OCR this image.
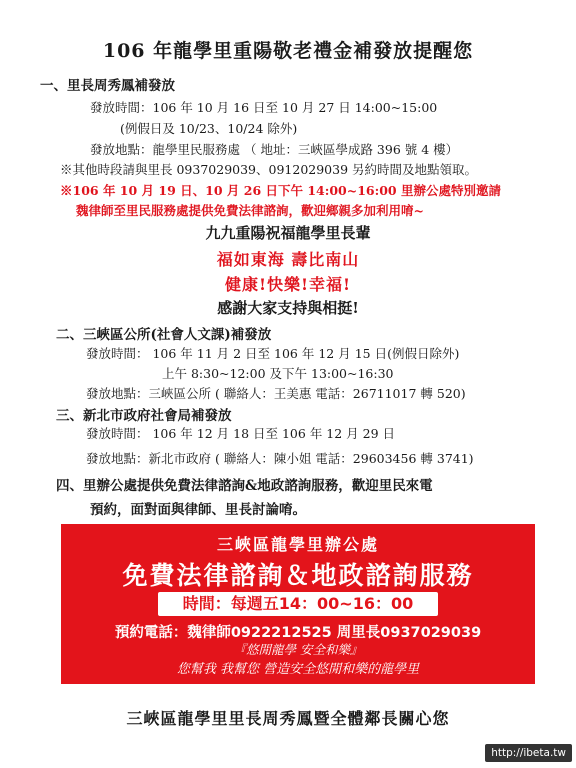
106 年龍學里重陽敬老禮金補發放提醒您
一、里長周秀鳳補發放
發放時間：106 年 10 月 16 日至 10 月 27 日 14:00~15:00
(例假日及 10/23、10/24 除外)
發放地點：龍學里民服務處 （ 地址：三峽區學成路 396 號 4 樓）
※其他時段請與里長 0937029039、0912029039 另約時間及地點領取。
※106 年 10 月 19 日、10 月 26 日下午 14:00~16:00 里辦公處特別邀請
魏律師至里民服務處提供免費法律諮詢，歡迎鄉親多加利用唷~
九九重陽祝福龍學里長輩
福如東海 壽比南山
健康!快樂!幸福!
感謝大家支持與相挺!
二、三峽區公所(社會人文課)補發放
發放時間： 106 年 11 月 2 日至 106 年 12 月 15 日(例假日除外)
上午 8:30~12:00 及下午 13:00~16:30
發放地點：三峽區公所 ( 聯絡人：王美惠 電話：26711017 轉 520)
三、新北市政府社會局補發放
發放時間： 106 年 12 月 18 日至 106 年 12 月 29 日
發放地點：新北市政府 ( 聯絡人：陳小姐 電話：29603456 轉 3741)
四、里辦公處提供免費法律諮詢&地政諮詢服務，歡迎里民來電
預約，面對面與律師、里長討論唷。
三峽區龍學里辦公處
免費法律諮詢＆地政諮詢服務
時間：每週五14：00~16：00
預約電話：魏律師0922212525 周里長0937029039
『悠閒龍學 安全和樂』
您幫我 我幫您 營造安全悠閒和樂的龍學里
三峽區龍學里里長周秀鳳暨全體鄰長關心您
http://ibeta.tw
